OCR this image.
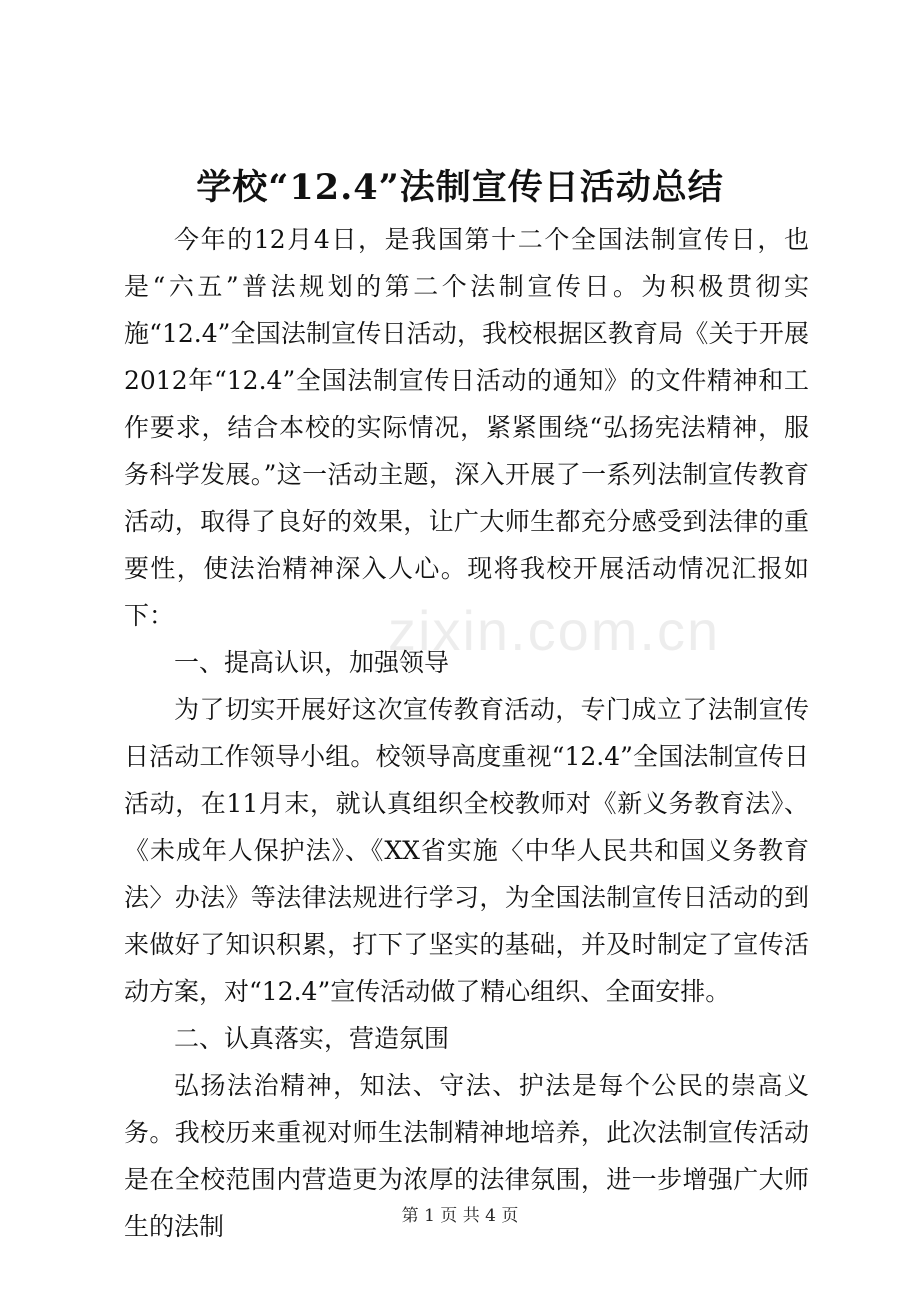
学校“12.4”法制宣传日活动总结

今年的12月4日，是我国第十二个全国法制宣传日，也是“六五”普法规划的第二个法制宣传日。为积极贯彻实施“12.4”全国法制宣传日活动，我校根据区教育局《关于开展2012年“12.4”全国法制宣传日活动的通知》的文件精神和工作要求，结合本校的实际情况，紧紧围绕“弘扬宪法精神，服务科学发展。”这一活动主题，深入开展了一系列法制宣传教育活动，取得了良好的效果，让广大师生都充分感受到法律的重要性，使法治精神深入人心。现将我校开展活动情况汇报如下：

一、提高认识，加强领导

为了切实开展好这次宣传教育活动，专门成立了法制宣传日活动工作领导小组。校领导高度重视“12.4”全国法制宣传日活动，在11月末，就认真组织全校教师对《新义务教育法》、《未成年人保护法》、《XX省实施〈中华人民共和国义务教育法〉办法》等法律法规进行学习，为全国法制宣传日活动的到来做好了知识积累，打下了坚实的基础，并及时制定了宣传活动方案，对“12.4”宣传活动做了精心组织、全面安排。

二、认真落实，营造氛围

弘扬法治精神，知法、守法、护法是每个公民的崇高义务。我校历来重视对师生法制精神地培养，此次法制宣传活动是在全校范围内营造更为浓厚的法律氛围，进一步增强广大师生的法制

zixin.com.cn
第 1 页 共 4 页
